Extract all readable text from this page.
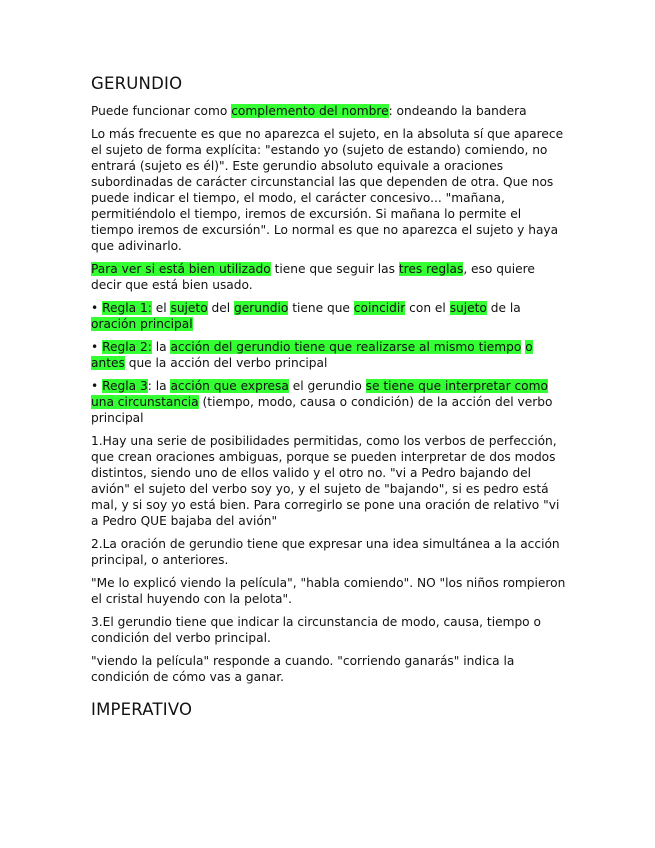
GERUNDIO

Puede funcionar como complemento del nombre: ondeando la bandera

Lo más frecuente es que no aparezca el sujeto, en la absoluta sí que aparece el sujeto de forma explícita: "estando yo (sujeto de estando) comiendo, no entrará (sujeto es él)". Este gerundio absoluto equivale a oraciones subordinadas de carácter circunstancial las que dependen de otra. Que nos puede indicar el tiempo, el modo, el carácter concesivo... "mañana, permitiéndolo el tiempo, iremos de excursión. Si mañana lo permite el tiempo iremos de excursión". Lo normal es que no aparezca el sujeto y haya que adivinarlo.

Para ver si está bien utilizado tiene que seguir las tres reglas, eso quiere decir que está bien usado.

• Regla 1: el sujeto del gerundio tiene que coincidir con el sujeto de la oración principal

• Regla 2: la acción del gerundio tiene que realizarse al mismo tiempo o antes que la acción del verbo principal

• Regla 3: la acción que expresa el gerundio se tiene que interpretar como una circunstancia (tiempo, modo, causa o condición) de la acción del verbo principal

1.Hay una serie de posibilidades permitidas, como los verbos de perfección, que crean oraciones ambiguas, porque se pueden interpretar de dos modos distintos, siendo uno de ellos valido y el otro no. "vi a Pedro bajando del avión" el sujeto del verbo soy yo, y el sujeto de "bajando", si es pedro está mal, y si soy yo está bien. Para corregirlo se pone una oración de relativo "vi a Pedro QUE bajaba del avión"

2.La oración de gerundio tiene que expresar una idea simultánea a la acción principal, o anteriores.

"Me lo explicó viendo la película", "habla comiendo". NO "los niños rompieron el cristal huyendo con la pelota".

3.El gerundio tiene que indicar la circunstancia de modo, causa, tiempo o condición del verbo principal.

"viendo la película" responde a cuando. "corriendo ganarás" indica la condición de cómo vas a ganar.

IMPERATIVO
